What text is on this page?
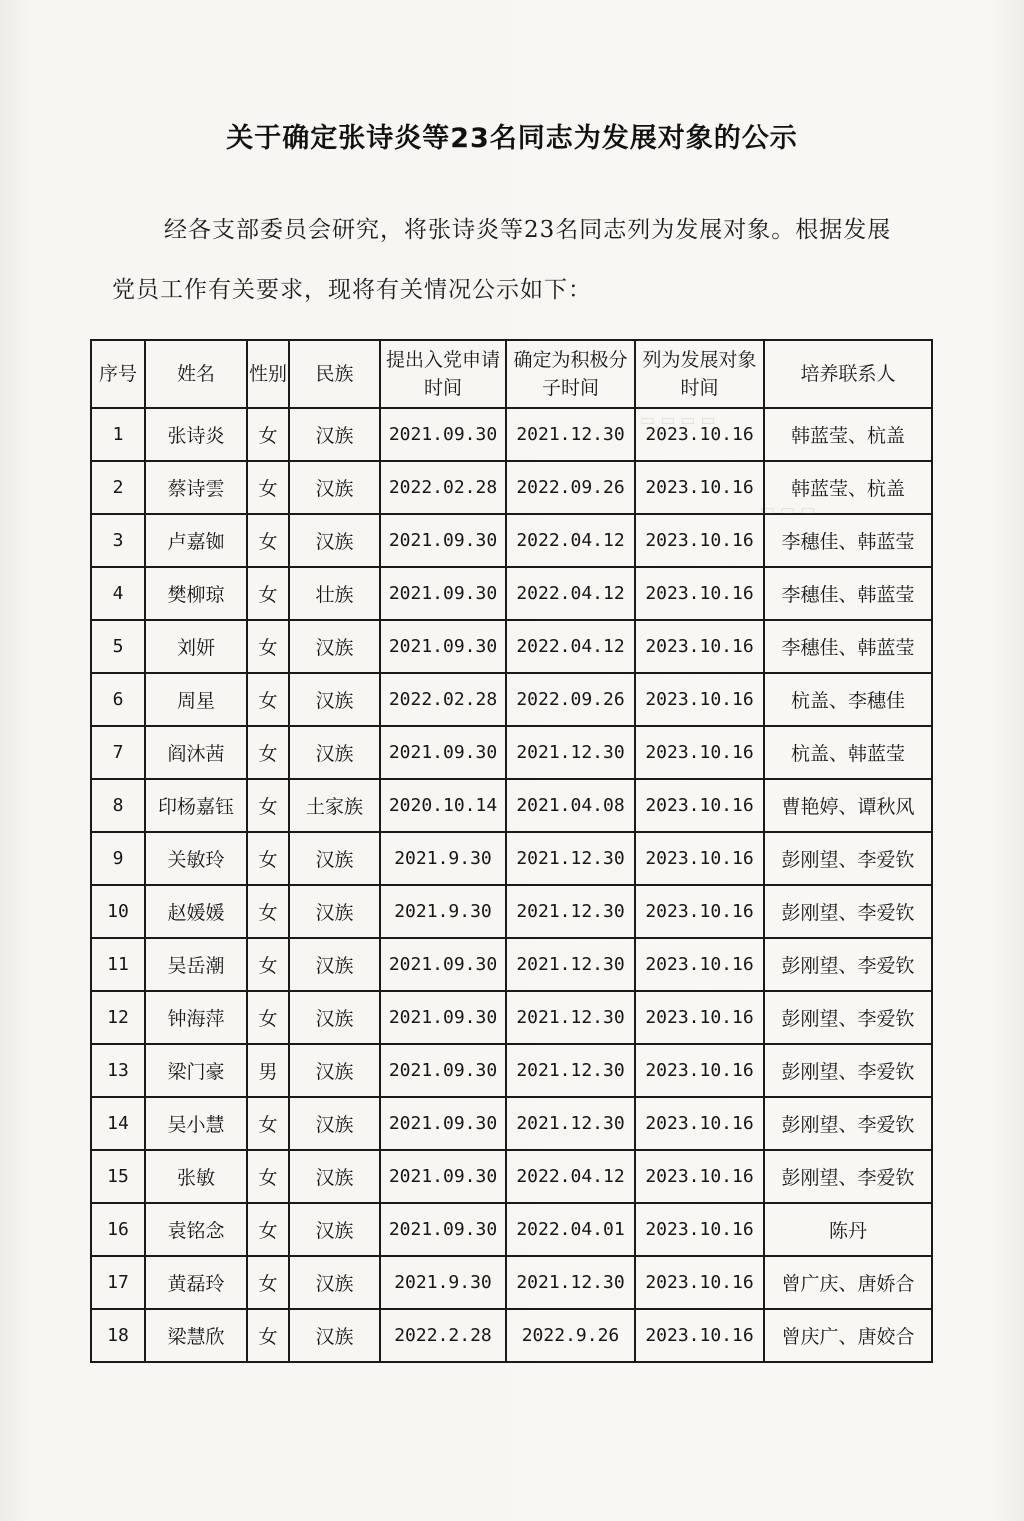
关于确定张诗炎等23名同志为发展对象的公示
经各支部委员会研究，将张诗炎等23名同志列为发展对象。根据发展党员工作有关要求，现将有关情况公示如下：
序号	姓名	性别	民族	提出入党申请时间	确定为积极分子时间	列为发展对象时间	培养联系人
1	张诗炎	女	汉族	2021.09.30	2021.12.30	2023.10.16	韩蓝莹、杭盖
2	蔡诗雲	女	汉族	2022.02.28	2022.09.26	2023.10.16	韩蓝莹、杭盖
3	卢嘉铷	女	汉族	2021.09.30	2022.04.12	2023.10.16	李穗佳、韩蓝莹
4	樊柳琼	女	壮族	2021.09.30	2022.04.12	2023.10.16	李穗佳、韩蓝莹
5	刘妍	女	汉族	2021.09.30	2022.04.12	2023.10.16	李穗佳、韩蓝莹
6	周星	女	汉族	2022.02.28	2022.09.26	2023.10.16	杭盖、李穗佳
7	阎沐茜	女	汉族	2021.09.30	2021.12.30	2023.10.16	杭盖、韩蓝莹
8	印杨嘉钰	女	土家族	2020.10.14	2021.04.08	2023.10.16	曹艳婷、谭秋风
9	关敏玲	女	汉族	2021.9.30	2021.12.30	2023.10.16	彭刚望、李爱钦
10	赵媛媛	女	汉族	2021.9.30	2021.12.30	2023.10.16	彭刚望、李爱钦
11	吴岳潮	女	汉族	2021.09.30	2021.12.30	2023.10.16	彭刚望、李爱钦
12	钟海萍	女	汉族	2021.09.30	2021.12.30	2023.10.16	彭刚望、李爱钦
13	梁门豪	男	汉族	2021.09.30	2021.12.30	2023.10.16	彭刚望、李爱钦
14	吴小慧	女	汉族	2021.09.30	2021.12.30	2023.10.16	彭刚望、李爱钦
15	张敏	女	汉族	2021.09.30	2022.04.12	2023.10.16	彭刚望、李爱钦
16	袁铭念	女	汉族	2021.09.30	2022.04.01	2023.10.16	陈丹
17	黄磊玲	女	汉族	2021.9.30	2021.12.30	2023.10.16	曾广庆、唐娇合
18	梁慧欣	女	汉族	2022.2.28	2022.9.26	2023.10.16	曾庆广、唐姣合
▭ ▭ ▭ ▭
▭ ▭ ▭
